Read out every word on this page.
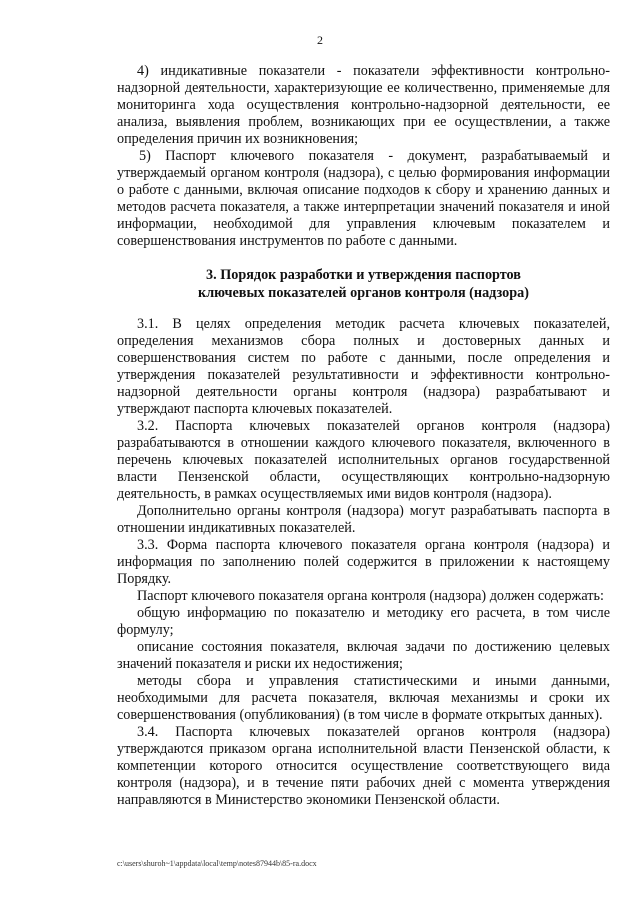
2

4) индикативные показатели - показатели эффективности контрольно-надзорной деятельности, характеризующие ее количественно, применяемые для мониторинга хода осуществления контрольно-надзорной деятельности, ее анализа, выявления проблем, возникающих при ее осуществлении, а также определения причин их возникновения;

5) Паспорт ключевого показателя - документ, разрабатываемый и утверждаемый органом контроля (надзора), с целью формирования информации о работе с данными, включая описание подходов к сбору и хранению данных и методов расчета показателя, а также интерпретации значений показателя и иной информации, необходимой для управления ключевым показателем и совершенствования инструментов по работе с данными.

3. Порядок разработки и утверждения паспортов
ключевых показателей органов контроля (надзора)

3.1. В целях определения методик расчета ключевых показателей, определения механизмов сбора полных и достоверных данных и совершенствования систем по работе с данными, после определения и утверждения показателей результативности и эффективности контрольно-надзорной деятельности органы контроля (надзора) разрабатывают и утверждают паспорта ключевых показателей.

3.2. Паспорта ключевых показателей органов контроля (надзора) разрабатываются в отношении каждого ключевого показателя, включенного в перечень ключевых показателей исполнительных органов государственной власти Пензенской области, осуществляющих контрольно-надзорную деятельность, в рамках осуществляемых ими видов контроля (надзора).

Дополнительно органы контроля (надзора) могут разрабатывать паспорта в отношении индикативных показателей.

3.3. Форма паспорта ключевого показателя органа контроля (надзора) и информация по заполнению полей содержится в приложении к настоящему Порядку.

Паспорт ключевого показателя органа контроля (надзора) должен содержать:

общую информацию по показателю и методику его расчета, в том числе формулу;

описание состояния показателя, включая задачи по достижению целевых значений показателя и риски их недостижения;

методы сбора и управления статистическими и иными данными, необходимыми для расчета показателя, включая механизмы и сроки их совершенствования (опубликования) (в том числе в формате открытых данных).

3.4. Паспорта ключевых показателей органов контроля (надзора) утверждаются приказом органа исполнительной власти Пензенской области, к компетенции которого относится осуществление соответствующего вида контроля (надзора), и в течение пяти рабочих дней с момента утверждения направляются в Министерство экономики Пензенской области.

c:\users\shuroh~1\appdata\local\temp\notes87944b\85-ra.docx
